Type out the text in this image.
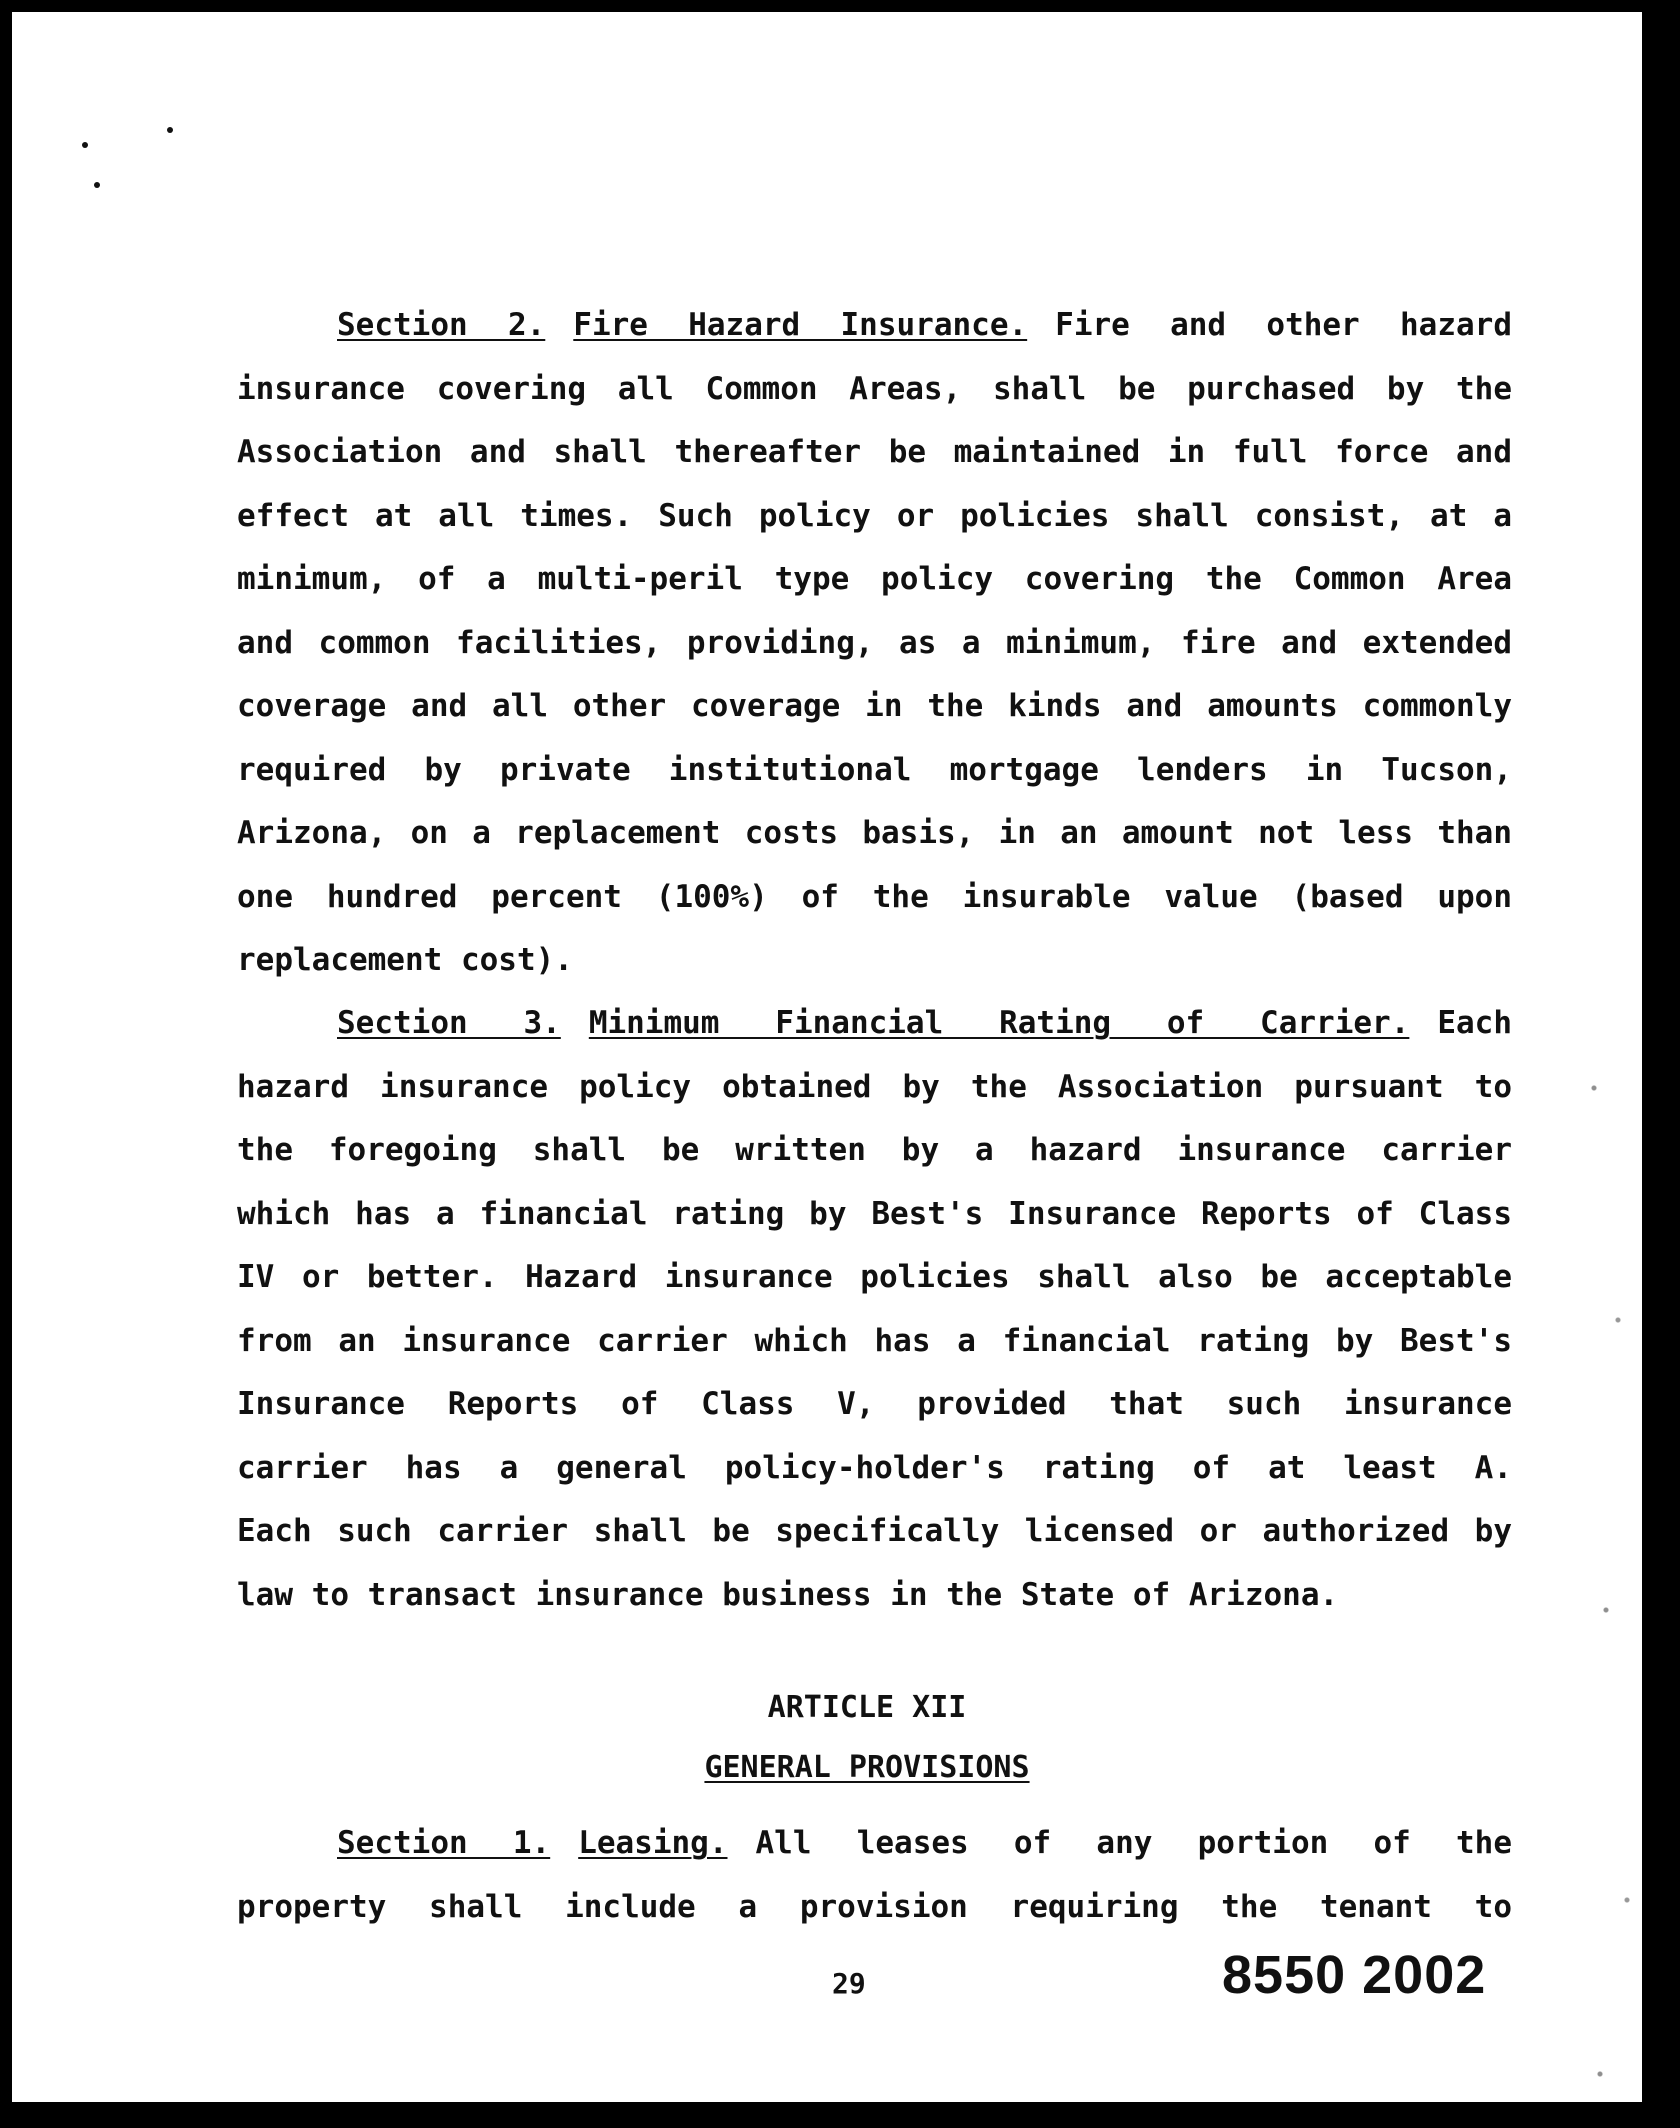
Section 2. Fire Hazard Insurance. Fire and other hazard
insurance covering all Common Areas, shall be purchased by the
Association and shall thereafter be maintained in full force and
effect at all times. Such policy or policies shall consist, at a
minimum, of a multi-peril type policy covering the Common Area
and common facilities, providing, as a minimum, fire and extended
coverage and all other coverage in the kinds and amounts commonly
required by private institutional mortgage lenders in Tucson,
Arizona, on a replacement costs basis, in an amount not less than
one hundred percent (100%) of the insurable value (based upon
replacement cost).
Section 3. Minimum Financial Rating of Carrier. Each
hazard insurance policy obtained by the Association pursuant to
the foregoing shall be written by a hazard insurance carrier
which has a financial rating by Best's Insurance Reports of Class
IV or better. Hazard insurance policies shall also be acceptable
from an insurance carrier which has a financial rating by Best's
Insurance Reports of Class V, provided that such insurance
carrier has a general policy-holder's rating of at least A.
Each such carrier shall be specifically licensed or authorized by
law to transact insurance business in the State of Arizona.
ARTICLE XII
GENERAL PROVISIONS
Section 1. Leasing. All leases of any portion of the
property shall include a provision requiring the tenant to
29	8550 2002
